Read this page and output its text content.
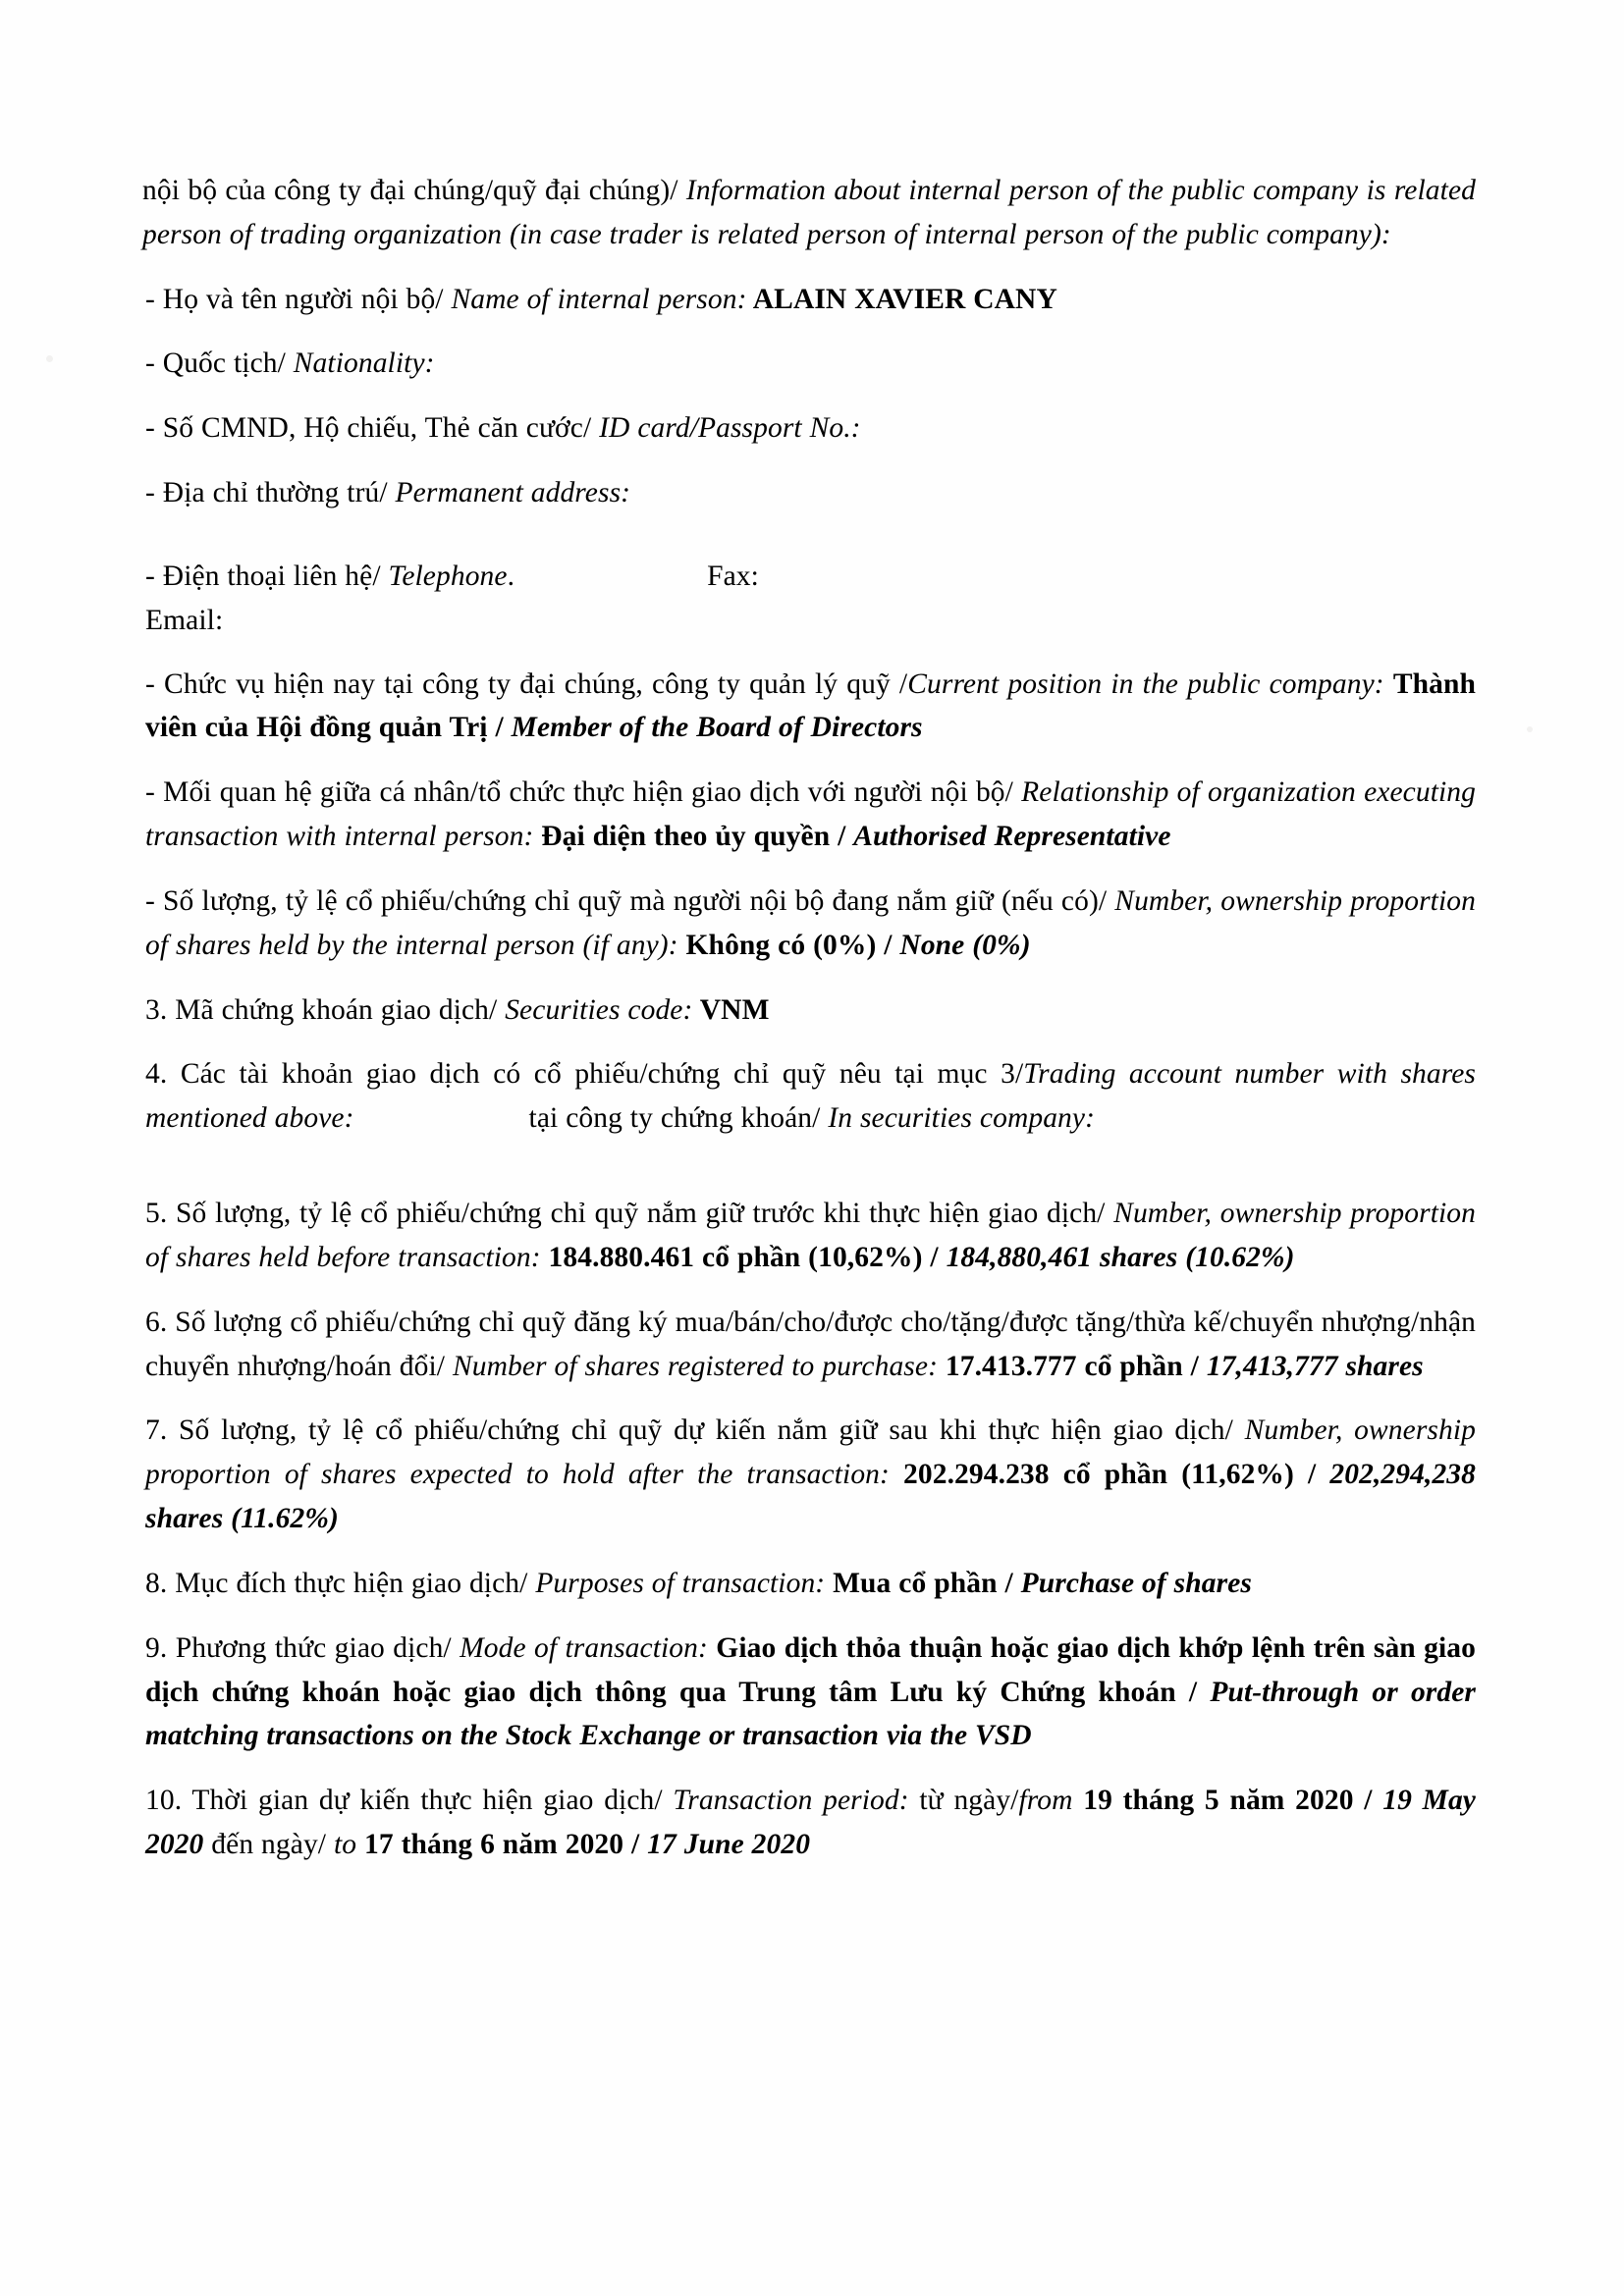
nội bộ của công ty đại chúng/quỹ đại chúng)/ Information about internal person of the public company is related person of trading organization (in case trader is related person of internal person of the public company):

- Họ và tên người nội bộ/ Name of internal person: ALAIN XAVIER CANY

- Quốc tịch/ Nationality:

- Số CMND, Hộ chiếu, Thẻ căn cước/ ID card/Passport No.:

- Địa chỉ thường trú/ Permanent address:

- Điện thoại liên hệ/ Telephone.	Fax:
Email:

- Chức vụ hiện nay tại công ty đại chúng, công ty quản lý quỹ /Current position in the public company: Thành viên của Hội đồng quản Trị / Member of the Board of Directors

- Mối quan hệ giữa cá nhân/tổ chức thực hiện giao dịch với người nội bộ/ Relationship of organization executing transaction with internal person: Đại diện theo ủy quyền / Authorised Representative

- Số lượng, tỷ lệ cổ phiếu/chứng chỉ quỹ mà người nội bộ đang nắm giữ (nếu có)/ Number, ownership proportion of shares held by the internal person (if any): Không có (0%) / None (0%)

3. Mã chứng khoán giao dịch/ Securities code: VNM

4. Các tài khoản giao dịch có cổ phiếu/chứng chỉ quỹ nêu tại mục 3/Trading account number with shares mentioned above:	tại công ty chứng khoán/ In securities company:

5. Số lượng, tỷ lệ cổ phiếu/chứng chỉ quỹ nắm giữ trước khi thực hiện giao dịch/ Number, ownership proportion of shares held before transaction: 184.880.461 cổ phần (10,62%) / 184,880,461 shares (10.62%)

6. Số lượng cổ phiếu/chứng chỉ quỹ đăng ký mua/bán/cho/được cho/tặng/được tặng/thừa kế/chuyển nhượng/nhận chuyển nhượng/hoán đổi/ Number of shares registered to purchase: 17.413.777 cổ phần / 17,413,777 shares

7. Số lượng, tỷ lệ cổ phiếu/chứng chỉ quỹ dự kiến nắm giữ sau khi thực hiện giao dịch/ Number, ownership proportion of shares expected to hold after the transaction: 202.294.238 cổ phần (11,62%) / 202,294,238 shares (11.62%)

8. Mục đích thực hiện giao dịch/ Purposes of transaction: Mua cổ phần / Purchase of shares

9. Phương thức giao dịch/ Mode of transaction: Giao dịch thỏa thuận hoặc giao dịch khớp lệnh trên sàn giao dịch chứng khoán hoặc giao dịch thông qua Trung tâm Lưu ký Chứng khoán / Put-through or order matching transactions on the Stock Exchange or transaction via the VSD

10. Thời gian dự kiến thực hiện giao dịch/ Transaction period: từ ngày/from 19 tháng 5 năm 2020 / 19 May 2020 đến ngày/ to 17 tháng 6 năm 2020 / 17 June 2020
